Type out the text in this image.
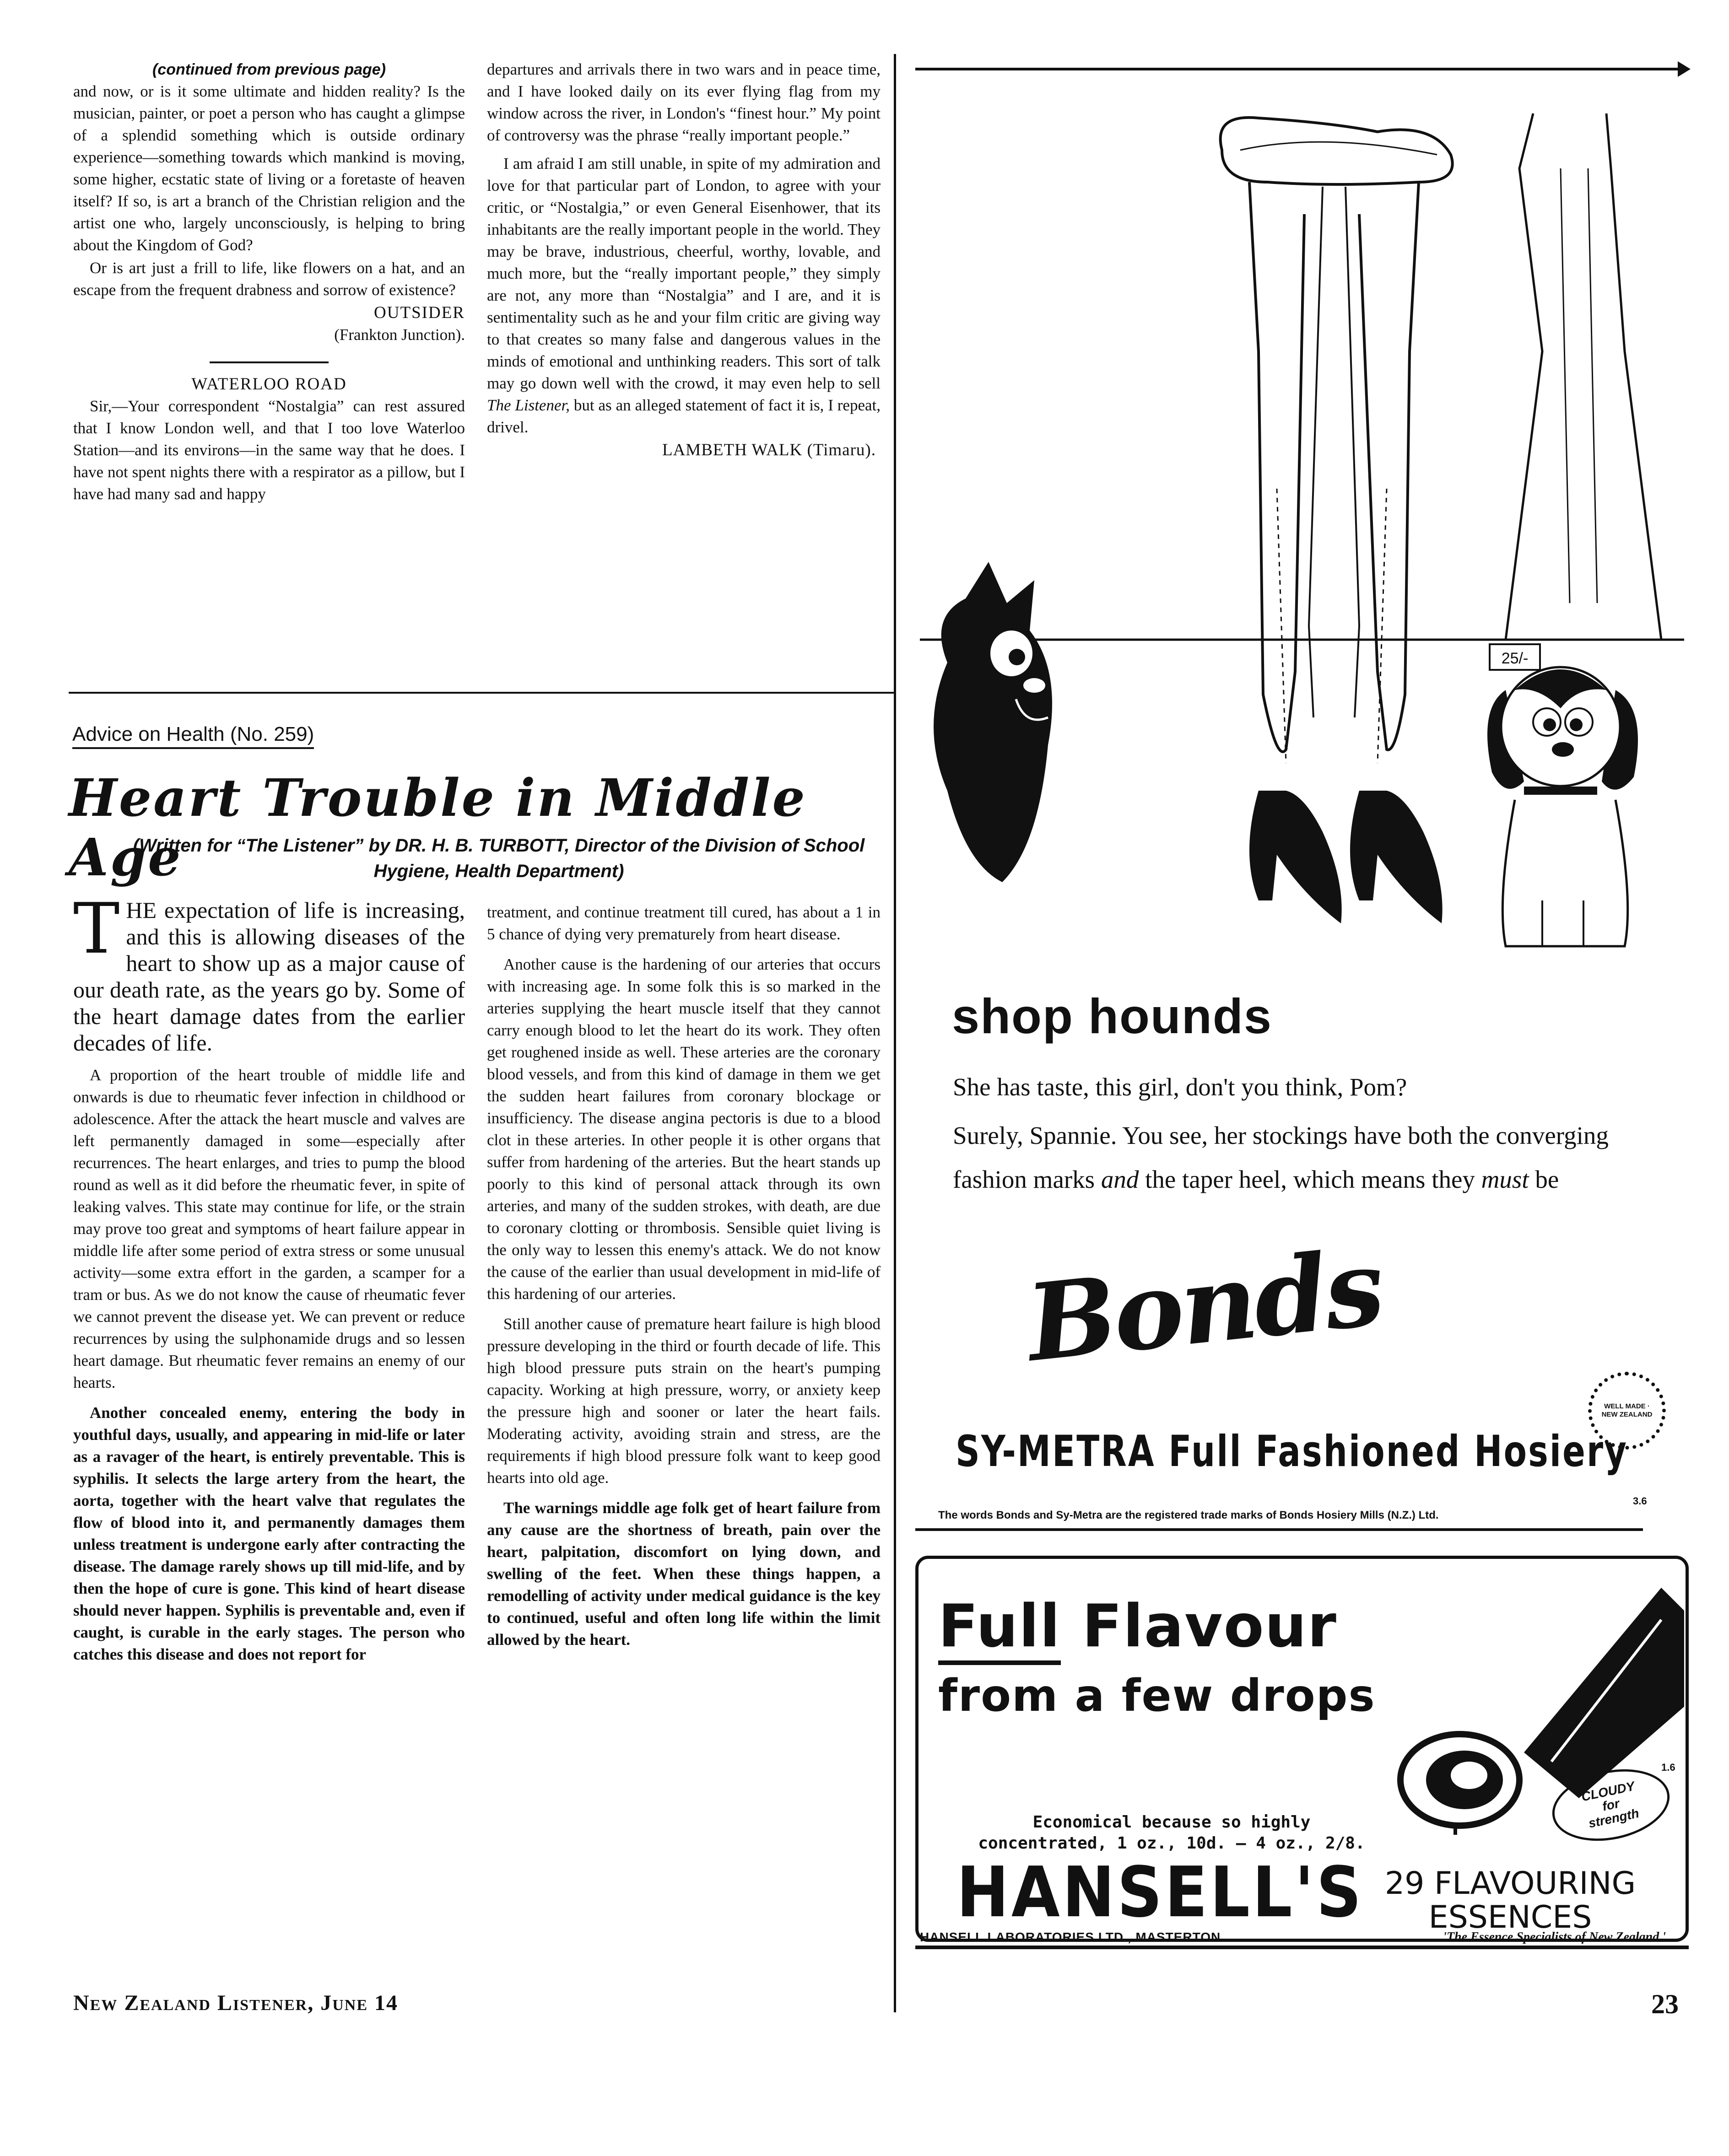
(continued from previous page)

and now, or is it some ultimate and hidden reality? Is the musician, painter, or poet a person who has caught a glimpse of a splendid something which is outside ordinary experience—something towards which mankind is moving, some higher, ecstatic state of living or a foretaste of heaven itself? If so, is art a branch of the Christian religion and the artist one who, largely unconsciously, is helping to bring about the Kingdom of God?

Or is art just a frill to life, like flowers on a hat, and an escape from the frequent drabness and sorrow of existence?

OUTSIDER
(Frankton Junction).
WATERLOO ROAD

Sir,—Your correspondent “Nostalgia” can rest assured that I know London well, and that I too love Waterloo Station—and its environs—in the same way that he does. I have not spent nights there with a respirator as a pillow, but I have had many sad and happy

departures and arrivals there in two wars and in peace time, and I have looked daily on its ever flying flag from my window across the river, in London's “finest hour.” My point of controversy was the phrase “really important people.”

I am afraid I am still unable, in spite of my admiration and love for that particular part of London, to agree with your critic, or “Nostalgia,” or even General Eisenhower, that its inhabitants are the really important people in the world. They may be brave, industrious, cheerful, worthy, lovable, and much more, but the “really important people,” they simply are not, any more than “Nostalgia” and I are, and it is sentimentality such as he and your film critic are giving way to that creates so many false and dangerous values in the minds of emotional and unthinking readers. This sort of talk may go down well with the crowd, it may even help to sell The Listener, but as an alleged statement of fact it is, I repeat, drivel.

LAMBETH WALK (Timaru).
Advice on Health (No. 259)
Heart Trouble in Middle Age
(Written for “The Listener” by DR. H. B. TURBOTT, Director of the Division of School Hygiene, Health Department)
THE expectation of life is increasing, and this is allowing diseases of the heart to show up as a major cause of our death rate, as the years go by. Some of the heart damage dates from the earlier decades of life.

A proportion of the heart trouble of middle life and onwards is due to rheumatic fever infection in childhood or adolescence. After the attack the heart muscle and valves are left permanently damaged in some—especially after recurrences. The heart enlarges, and tries to pump the blood round as well as it did before the rheumatic fever, in spite of leaking valves. This state may continue for life, or the strain may prove too great and symptoms of heart failure appear in middle life after some period of extra stress or some unusual activity—some extra effort in the garden, a scamper for a tram or bus. As we do not know the cause of rheumatic fever we cannot prevent the disease yet. We can prevent or reduce recurrences by using the sulphonamide drugs and so lessen heart damage. But rheumatic fever remains an enemy of our hearts.

Another concealed enemy, entering the body in youthful days, usually, and appearing in mid-life or later as a ravager of the heart, is entirely preventable. This is syphilis. It selects the large artery from the heart, the aorta, together with the heart valve that regulates the flow of blood into it, and permanently damages them unless treatment is undergone early after contracting the disease. The damage rarely shows up till mid-life, and by then the hope of cure is gone. This kind of heart disease should never happen. Syphilis is preventable and, even if caught, is curable in the early stages. The person who catches this disease and does not report for

treatment, and continue treatment till cured, has about a 1 in 5 chance of dying very prematurely from heart disease.

Another cause is the hardening of our arteries that occurs with increasing age. In some folk this is so marked in the arteries supplying the heart muscle itself that they cannot carry enough blood to let the heart do its work. They often get roughened inside as well. These arteries are the coronary blood vessels, and from this kind of damage in them we get the sudden heart failures from coronary blockage or insufficiency. The disease angina pectoris is due to a blood clot in these arteries. In other people it is other organs that suffer from hardening of the arteries. But the heart stands up poorly to this kind of personal attack through its own arteries, and many of the sudden strokes, with death, are due to coronary clotting or thrombosis. Sensible quiet living is the only way to lessen this enemy's attack. We do not know the cause of the earlier than usual development in mid-life of this hardening of our arteries.

Still another cause of premature heart failure is high blood pressure developing in the third or fourth decade of life. This high blood pressure puts strain on the heart's pumping capacity. Working at high pressure, worry, or anxiety keep the pressure high and sooner or later the heart fails. Moderating activity, avoiding strain and stress, are the requirements if high blood pressure folk want to keep good hearts into old age.

The warnings middle age folk get of heart failure from any cause are the shortness of breath, pain over the heart, palpitation, discomfort on lying down, and swelling of the feet. When these things happen, a remodelling of activity under medical guidance is the key to continued, useful and often long life within the limit allowed by the heart.

25/-
shop hounds
She has taste, this girl, don't you think, Pom?
Surely, Spannie. You see, her stockings have both the converging fashion marks and the taper heel, which means they must be
Bonds
WELL MADE · NEW ZEALAND
SY-METRA Full Fashioned Hosiery
The words Bonds and Sy-Metra are the registered trade marks of Bonds Hosiery Mills (N.Z.) Ltd.
3.6
Full Flavour
from a few drops
1.6
CLOUDY for strength
Economical because so highly
concentrated, 1 oz., 10d. — 4 oz., 2/8.
HANSELL'S 29 FLAVOURING
ESSENCES
HANSELL LABORATORIES LTD., MASTERTON.	'The Essence Specialists of New Zealand.'
New Zealand Listener, June 14	23
